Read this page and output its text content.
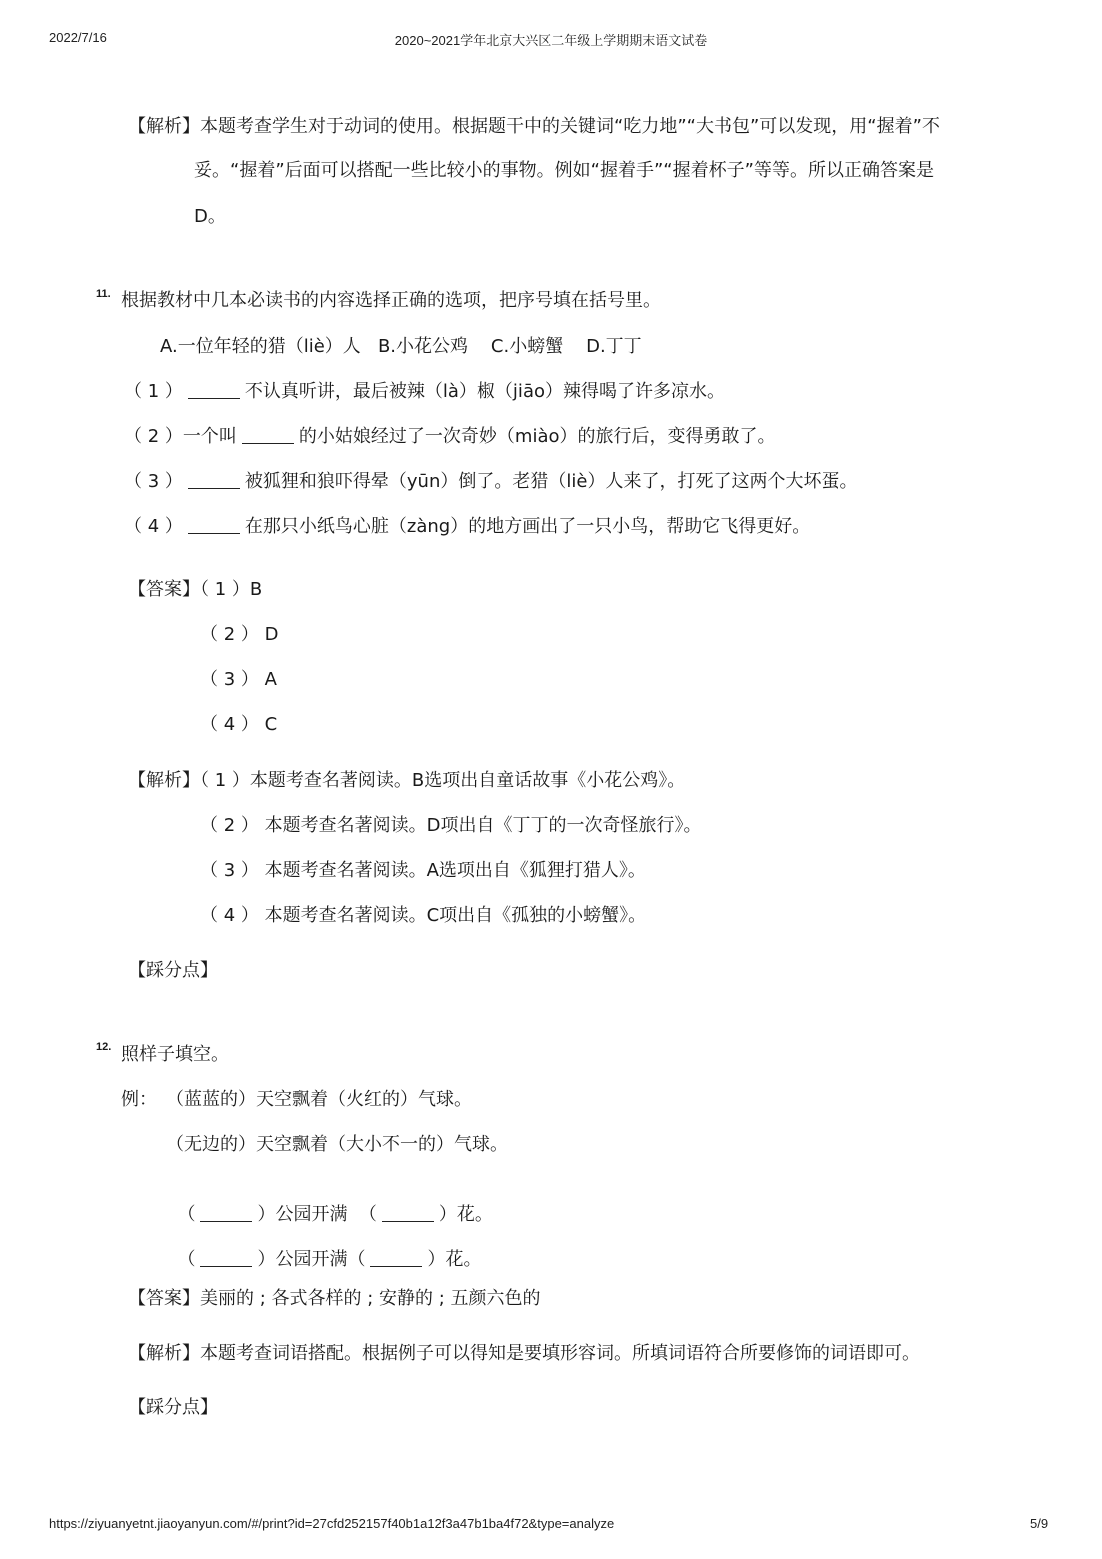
2022/7/16	2020~2021学年北京大兴区二年级上学期期末语文试卷
【解析】本题考查学生对于动词的使用。根据题干中的关键词“吃力地”“大书包”可以发现，用“握着”不
妥。“握着”后面可以搭配一些比较小的事物。例如“握着手”“握着杯子”等等。所以正确答案是
D。
11. 根据教材中几本必读书的内容选择正确的选项，把序号填在括号里。
A.一位年轻的猎（liè）人   B.小花公鸡    C.小螃蟹    D.丁丁
（ 1 ）	不认真听讲，最后被辣（là）椒（jiāo）辣得喝了许多凉水。
（ 2 ）一个叫	的小姑娘经过了一次奇妙（miào）的旅行后，变得勇敢了。
（ 3 ）	被狐狸和狼吓得晕（yūn）倒了。老猎（liè）人来了，打死了这两个大坏蛋。
（ 4 ）	在那只小纸鸟心脏（zàng）的地方画出了一只小鸟，帮助它飞得更好。
【答案】（ 1 ）B
（ 2 ） D
（ 3 ） A
（ 4 ） C
【解析】（ 1 ）本题考查名著阅读。B选项出自童话故事《小花公鸡》。
（ 2 ） 本题考查名著阅读。D项出自《丁丁的一次奇怪旅行》。
（ 3 ） 本题考查名著阅读。A选项出自《狐狸打猎人》。
（ 4 ） 本题考查名著阅读。C项出自《孤独的小螃蟹》。
【踩分点】
12. 照样子填空。
例： （蓝蓝的）天空飘着（火红的）气球。
（无边的）天空飘着（大小不一的）气球。

（	）公园开满  （	）花。

（	）公园开满（	）花。

【答案】美丽的 ; 各式各样的 ; 安静的 ; 五颜六色的
【解析】本题考查词语搭配。根据例子可以得知是要填形容词。所填词语符合所要修饰的词语即可。
【踩分点】
https://ziyuanyetnt.jiaoyanyun.com/#/print?id=27cfd252157f40b1a12f3a47b1ba4f72&type=analyze	5/9
